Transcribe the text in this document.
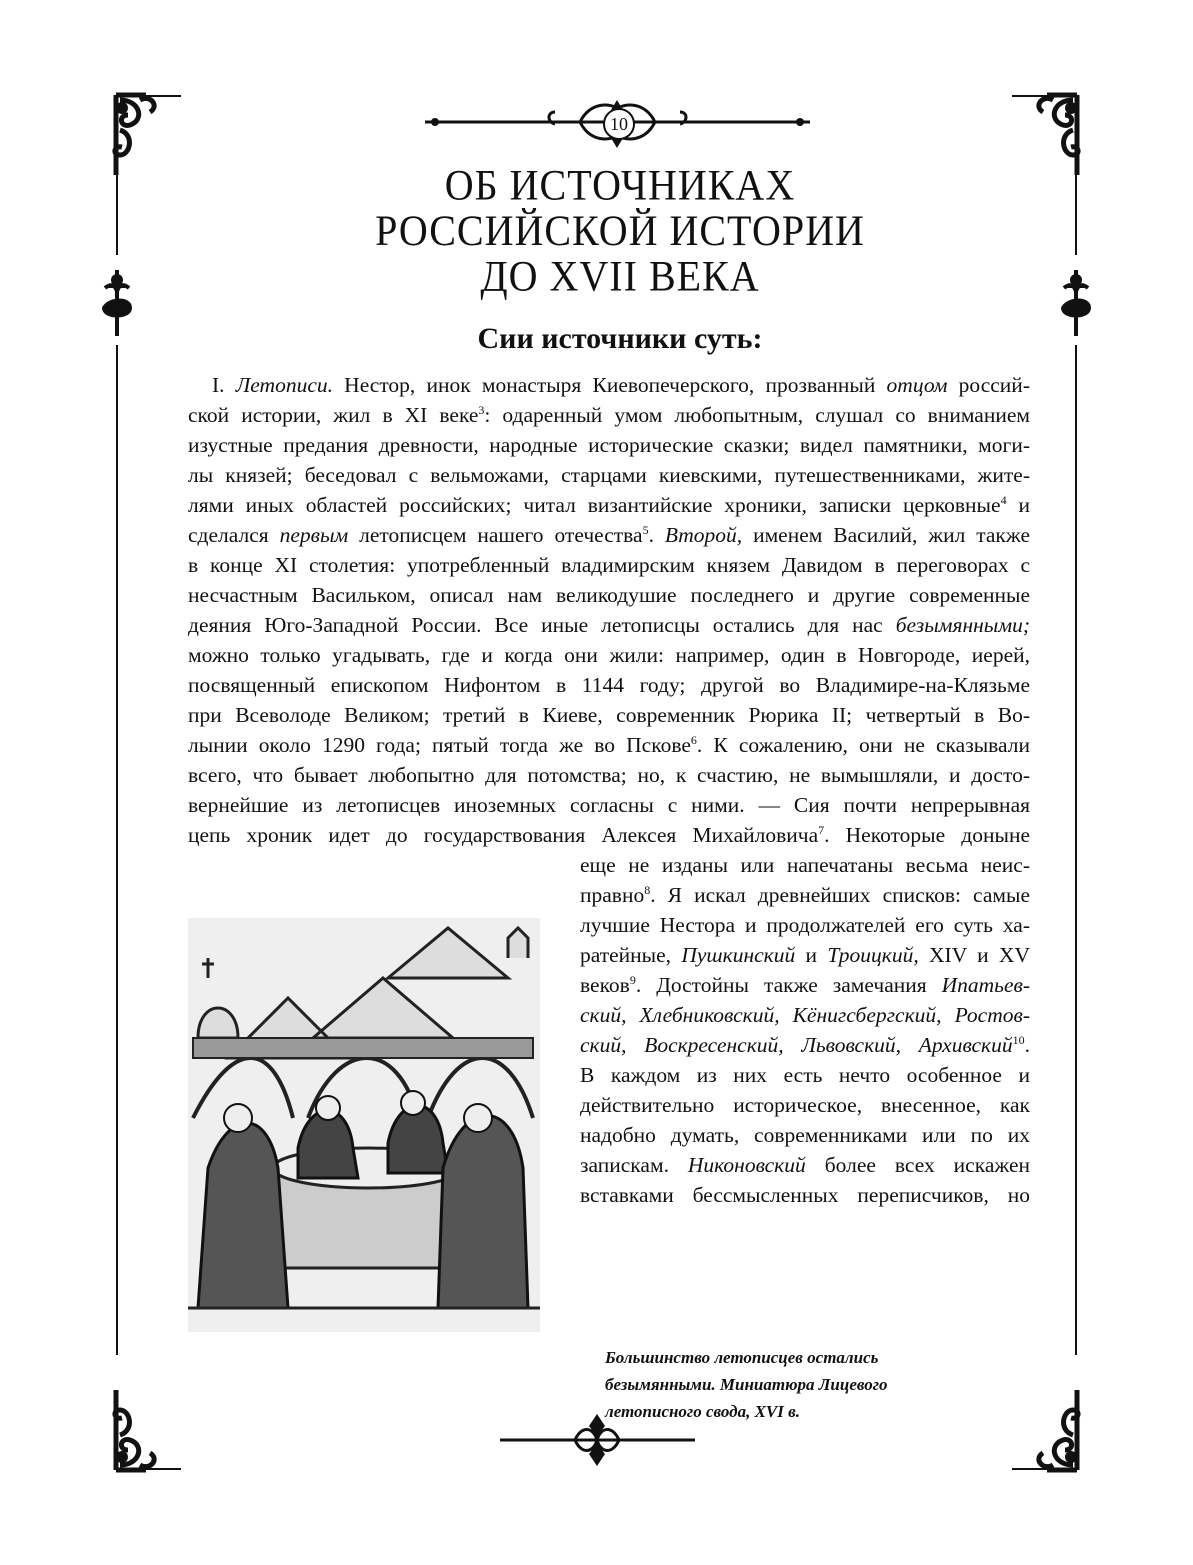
10
ОБ ИСТОЧНИКАХ
РОССИЙСКОЙ ИСТОРИИ
ДО XVII ВЕКА
Сии источники суть:
I. Летописи. Нестор, инок монастыря Киевопечерского, прозванный отцом россий-
ской истории, жил в XI веке$^3$: одаренный умом любопытным, слушал со вниманием
изустные предания древности, народные исторические сказки; видел памятники, моги-
лы князей; беседовал с вельможами, старцами киевскими, путешественниками, жите-
лями иных областей российских; читал византийские хроники, записки церковные$^4$ и
сделался первым летописцем нашего отечества$^5$. Второй, именем Василий, жил также
в конце XI столетия: употребленный владимирским князем Давидом в переговорах с
несчастным Васильком, описал нам великодушие последнего и другие современные
деяния Юго-Западной России. Все иные летописцы остались для нас безымянными;
можно только угадывать, где и когда они жили: например, один в Новгороде, иерей,
посвященный епископом Нифонтом в 1144 году; другой во Владимире-на-Клязьме
при Всеволоде Великом; третий в Киеве, современник Рюрика II; четвертый в Во-
лынии около 1290 года; пятый тогда же во Пскове$^6$. К сожалению, они не сказывали
всего, что бывает любопытно для потомства; но, к счастию, не вымышляли, и досто-
вернейшие из летописцев иноземных согласны с ними. — Сия почти непрерывная
цепь хроник идет до государствования Алексея Михайловича$^7$. Некоторые доныне
еще не изданы или напечатаны весьма неис-
правно$^8$. Я искал древнейших списков: самые
лучшие Нестора и продолжателей его суть ха-
ратейные, Пушкинский и Троицкий, XIV и XV
веков$^9$. Достойны также замечания Ипатьев-
ский, Хлебниковский, Кёнигсбергский, Ростов-
ский, Воскресенский, Львовский, Архивский$^{10}$.
В каждом из них есть нечто особенное и
действительно историческое, внесенное, как
надобно думать, современниками или по их
запискам. Никоновский более всех искажен
вставками бессмысленных переписчиков, но
Большинство летописцев остались
безымянными. Миниатюра Лицевого
летописного свода, XVI в.
